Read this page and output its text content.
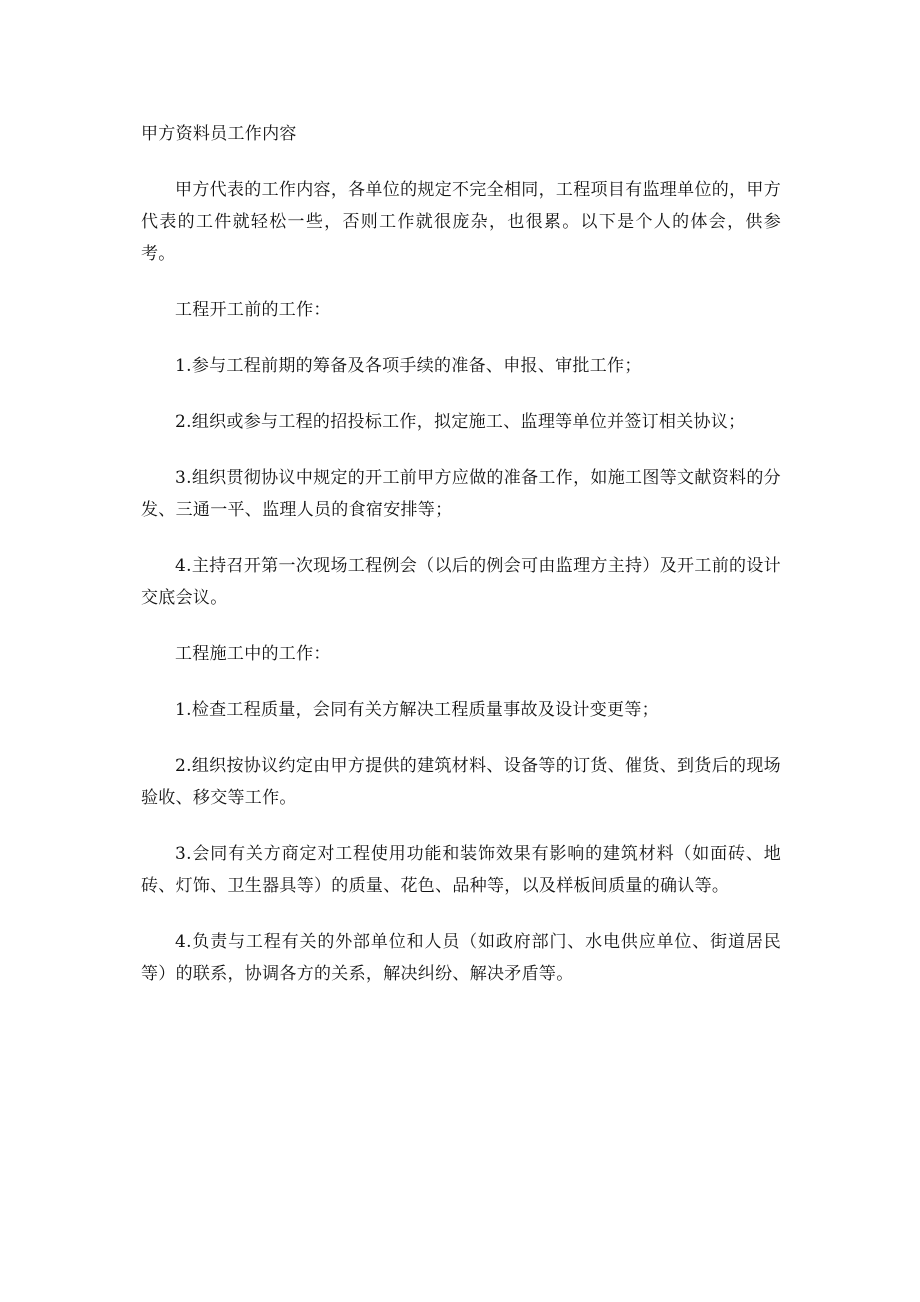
甲方资料员工作内容

甲方代表的工作内容，各单位的规定不完全相同，工程项目有监理单位的，甲方代表的工件就轻松一些，否则工作就很庞杂，也很累。以下是个人的体会，供参考。

工程开工前的工作：

1.参与工程前期的筹备及各项手续的准备、申报、审批工作；

2.组织或参与工程的招投标工作，拟定施工、监理等单位并签订相关协议；

3.组织贯彻协议中规定的开工前甲方应做的准备工作，如施工图等文献资料的分发、三通一平、监理人员的食宿安排等；

4.主持召开第一次现场工程例会（以后的例会可由监理方主持）及开工前的设计交底会议。

工程施工中的工作：

1.检查工程质量，会同有关方解决工程质量事故及设计变更等；

2.组织按协议约定由甲方提供的建筑材料、设备等的订货、催货、到货后的现场验收、移交等工作。

3.会同有关方商定对工程使用功能和装饰效果有影响的建筑材料（如面砖、地砖、灯饰、卫生器具等）的质量、花色、品种等，以及样板间质量的确认等。

4.负责与工程有关的外部单位和人员（如政府部门、水电供应单位、街道居民等）的联系，协调各方的关系，解决纠纷、解决矛盾等。
